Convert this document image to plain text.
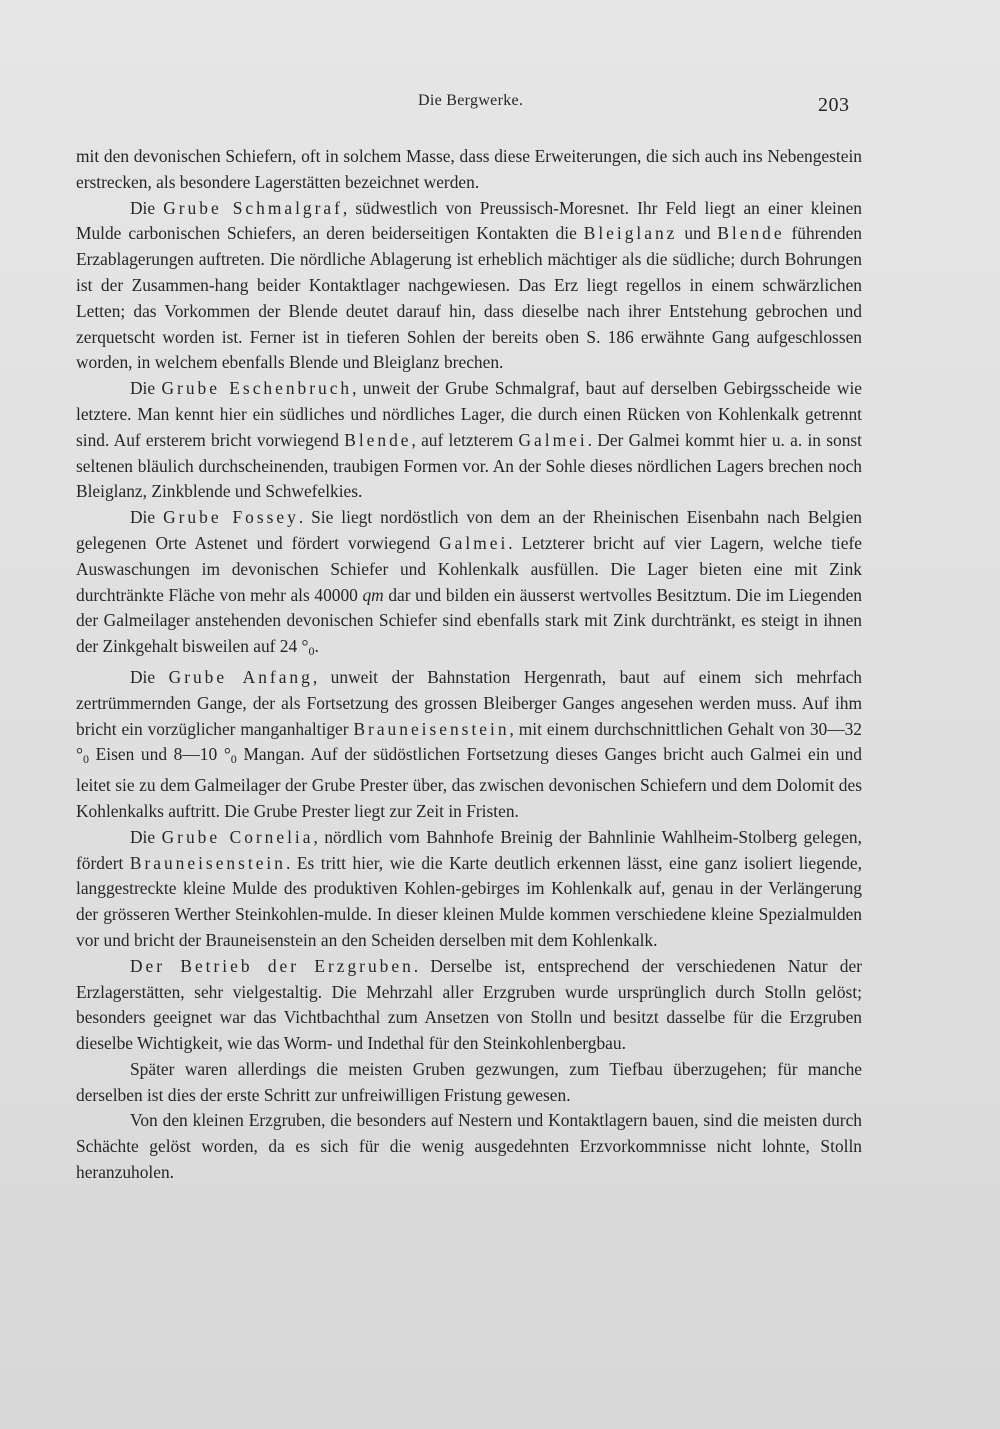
Die Bergwerke.	203

mit den devonischen Schiefern, oft in solchem Masse, dass diese Erweiterungen, die sich auch ins Nebengestein erstrecken, als besondere Lagerstätten bezeichnet werden.

Die Grube Schmalgraf, südwestlich von Preussisch-Moresnet. Ihr Feld liegt an einer kleinen Mulde carbonischen Schiefers, an deren beiderseitigen Kontakten die Bleiglanz und Blende führenden Erzablagerungen auftreten. Die nördliche Ablagerung ist erheblich mächtiger als die südliche; durch Bohrungen ist der Zusammen-hang beider Kontaktlager nachgewiesen. Das Erz liegt regellos in einem schwärzlichen Letten; das Vorkommen der Blende deutet darauf hin, dass dieselbe nach ihrer Entstehung gebrochen und zerquetscht worden ist. Ferner ist in tieferen Sohlen der bereits oben S. 186 erwähnte Gang aufgeschlossen worden, in welchem ebenfalls Blende und Bleiglanz brechen.

Die Grube Eschenbruch, unweit der Grube Schmalgraf, baut auf derselben Gebirgsscheide wie letztere. Man kennt hier ein südliches und nördliches Lager, die durch einen Rücken von Kohlenkalk getrennt sind. Auf ersterem bricht vorwiegend Blende, auf letzterem Galmei. Der Galmei kommt hier u. a. in sonst seltenen bläulich durchscheinenden, traubigen Formen vor. An der Sohle dieses nördlichen Lagers brechen noch Bleiglanz, Zinkblende und Schwefelkies.

Die Grube Fossey. Sie liegt nordöstlich von dem an der Rheinischen Eisenbahn nach Belgien gelegenen Orte Astenet und fördert vorwiegend Galmei. Letzterer bricht auf vier Lagern, welche tiefe Auswaschungen im devonischen Schiefer und Kohlenkalk ausfüllen. Die Lager bieten eine mit Zink durchtränkte Fläche von mehr als 40000 qm dar und bilden ein äusserst wertvolles Besitztum. Die im Liegenden der Galmeilager anstehenden devonischen Schiefer sind ebenfalls stark mit Zink durchtränkt, es steigt in ihnen der Zinkgehalt bisweilen auf 24 $^\circ_0$.

Die Grube Anfang, unweit der Bahnstation Hergenrath, baut auf einem sich mehrfach zertrümmernden Gange, der als Fortsetzung des grossen Bleiberger Ganges angesehen werden muss. Auf ihm bricht ein vorzüglicher manganhaltiger Brauneisenstein, mit einem durchschnittlichen Gehalt von 30—32 $^\circ_0$ Eisen und 8—10 $^\circ_0$ Mangan. Auf der südöstlichen Fortsetzung dieses Ganges bricht auch Galmei ein und leitet sie zu dem Galmeilager der Grube Prester über, das zwischen devonischen Schiefern und dem Dolomit des Kohlenkalks auftritt. Die Grube Prester liegt zur Zeit in Fristen.

Die Grube Cornelia, nördlich vom Bahnhofe Breinig der Bahnlinie Wahlheim-Stolberg gelegen, fördert Brauneisenstein. Es tritt hier, wie die Karte deutlich erkennen lässt, eine ganz isoliert liegende, langgestreckte kleine Mulde des produktiven Kohlen-gebirges im Kohlenkalk auf, genau in der Verlängerung der grösseren Werther Steinkohlen-mulde. In dieser kleinen Mulde kommen verschiedene kleine Spezialmulden vor und bricht der Brauneisenstein an den Scheiden derselben mit dem Kohlenkalk.

Der Betrieb der Erzgruben. Derselbe ist, entsprechend der verschiedenen Natur der Erzlagerstätten, sehr vielgestaltig. Die Mehrzahl aller Erzgruben wurde ursprünglich durch Stolln gelöst; besonders geeignet war das Vichtbachthal zum Ansetzen von Stolln und besitzt dasselbe für die Erzgruben dieselbe Wichtigkeit, wie das Worm- und Indethal für den Steinkohlenbergbau.

Später waren allerdings die meisten Gruben gezwungen, zum Tiefbau überzugehen; für manche derselben ist dies der erste Schritt zur unfreiwilligen Fristung gewesen.

Von den kleinen Erzgruben, die besonders auf Nestern und Kontaktlagern bauen, sind die meisten durch Schächte gelöst worden, da es sich für die wenig ausgedehnten Erzvorkommnisse nicht lohnte, Stolln heranzuholen.
